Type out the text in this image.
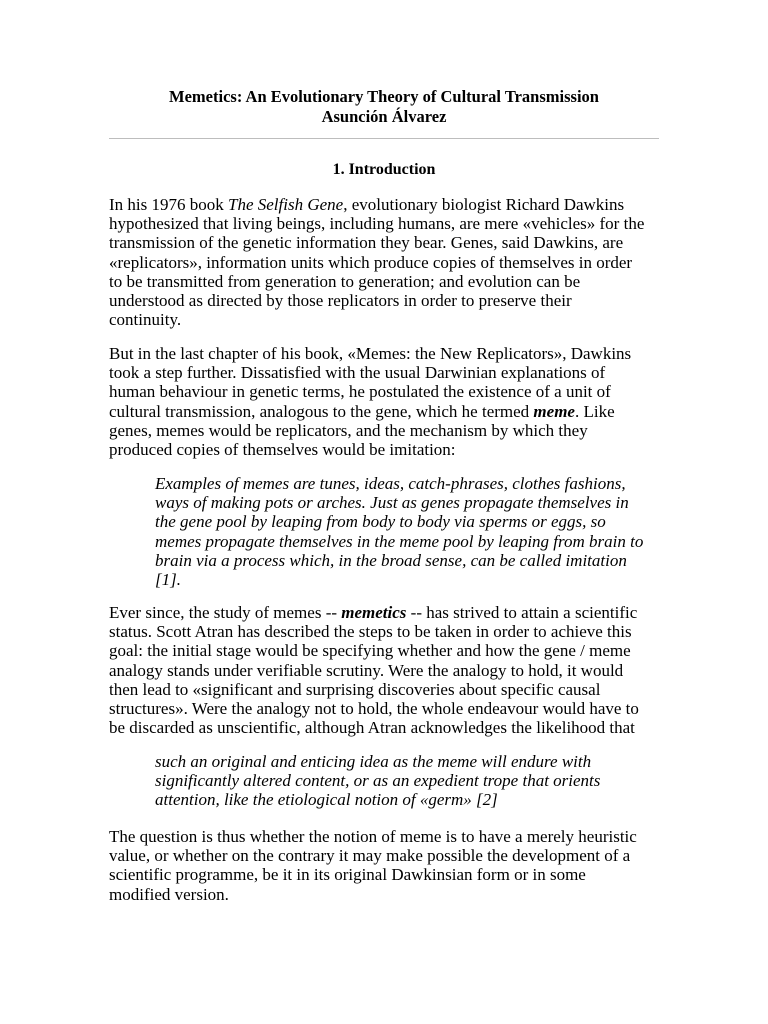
Memetics: An Evolutionary Theory of Cultural Transmission
Asunción Álvarez
1. Introduction
In his 1976 book The Selfish Gene, evolutionary biologist Richard Dawkins
hypothesized that living beings, including humans, are mere «vehicles» for the
transmission of the genetic information they bear. Genes, said Dawkins, are
«replicators», information units which produce copies of themselves in order
to be transmitted from generation to generation; and evolution can be
understood as directed by those replicators in order to preserve their
continuity.
But in the last chapter of his book, «Memes: the New Replicators», Dawkins
took a step further. Dissatisfied with the usual Darwinian explanations of
human behaviour in genetic terms, he postulated the existence of a unit of
cultural transmission, analogous to the gene, which he termed meme. Like
genes, memes would be replicators, and the mechanism by which they
produced copies of themselves would be imitation:
Examples of memes are tunes, ideas, catch-phrases, clothes fashions,
ways of making pots or arches. Just as genes propagate themselves in
the gene pool by leaping from body to body via sperms or eggs, so
memes propagate themselves in the meme pool by leaping from brain to
brain via a process which, in the broad sense, can be called imitation
[1].
Ever since, the study of memes -- memetics -- has strived to attain a scientific
status. Scott Atran has described the steps to be taken in order to achieve this
goal: the initial stage would be specifying whether and how the gene / meme
analogy stands under verifiable scrutiny. Were the analogy to hold, it would
then lead to «significant and surprising discoveries about specific causal
structures». Were the analogy not to hold, the whole endeavour would have to
be discarded as unscientific, although Atran acknowledges the likelihood that
such an original and enticing idea as the meme will endure with
significantly altered content, or as an expedient trope that orients
attention, like the etiological notion of «germ» [2]
The question is thus whether the notion of meme is to have a merely heuristic
value, or whether on the contrary it may make possible the development of a
scientific programme, be it in its original Dawkinsian form or in some
modified version.
